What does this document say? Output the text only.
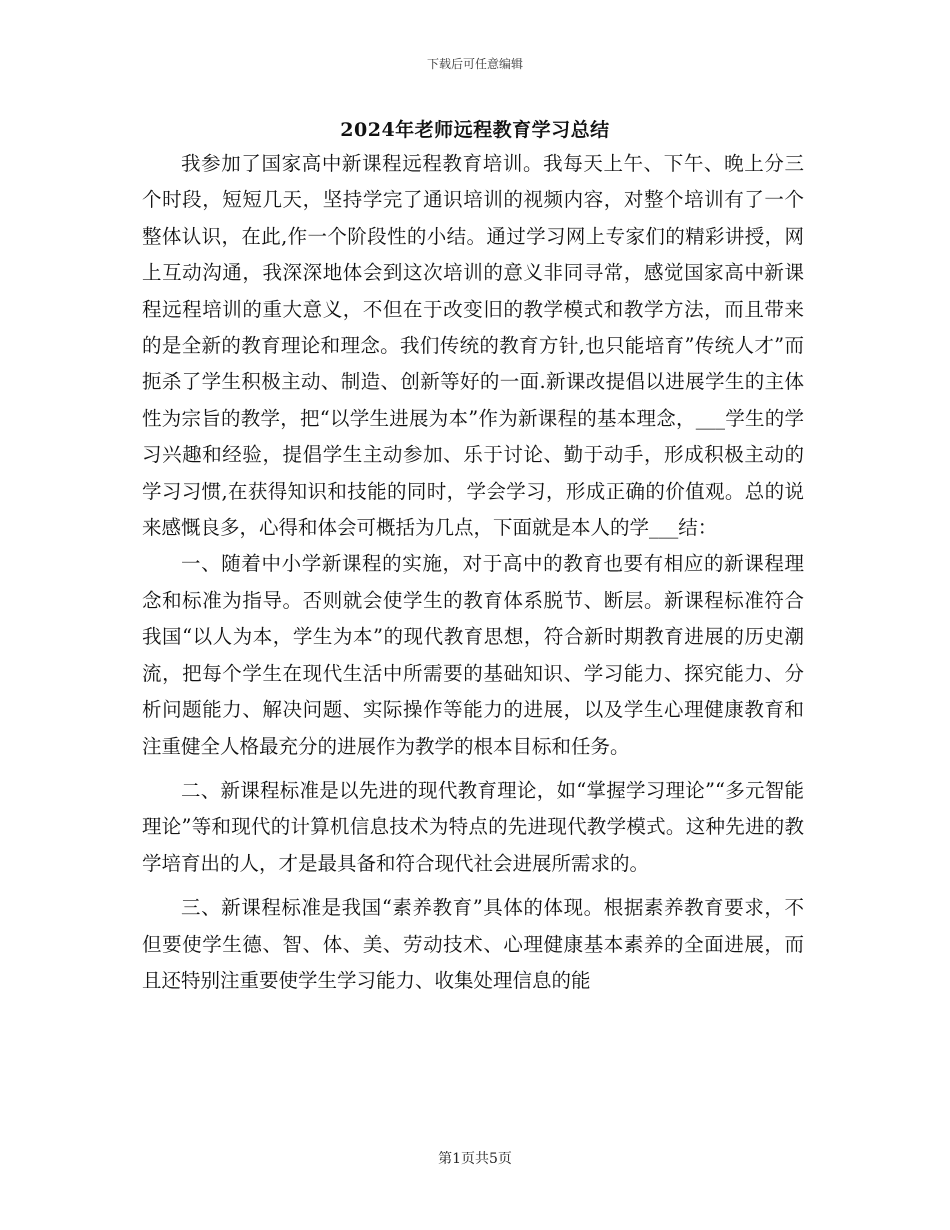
下载后可任意编辑
2024年老师远程教育学习总结

我参加了国家高中新课程远程教育培训。我每天上午、下午、晚上分三个时段，短短几天，坚持学完了通识培训的视频内容，对整个培训有了一个整体认识，在此,作一个阶段性的小结。通过学习网上专家们的精彩讲授，网上互动沟通，我深深地体会到这次培训的意义非同寻常，感觉国家高中新课程远程培训的重大意义，不但在于改变旧的教学模式和教学方法，而且带来的是全新的教育理论和理念。我们传统的教育方针,也只能培育”传统人才”而扼杀了学生积极主动、制造、创新等好的一面.新课改提倡以进展学生的主体性为宗旨的教学，把“以学生进展为本”作为新课程的基本理念，___学生的学习兴趣和经验，提倡学生主动参加、乐于讨论、勤于动手，形成积极主动的学习习惯,在获得知识和技能的同时，学会学习，形成正确的价值观。总的说来感慨良多，心得和体会可概括为几点，下面就是本人的学___结：

一、随着中小学新课程的实施，对于高中的教育也要有相应的新课程理念和标准为指导。否则就会使学生的教育体系脱节、断层。新课程标准符合我国“以人为本，学生为本”的现代教育思想，符合新时期教育进展的历史潮流，把每个学生在现代生活中所需要的基础知识、学习能力、探究能力、分析问题能力、解决问题、实际操作等能力的进展，以及学生心理健康教育和注重健全人格最充分的进展作为教学的根本目标和任务。

二、新课程标准是以先进的现代教育理论，如“掌握学习理论”“多元智能理论”等和现代的计算机信息技术为特点的先进现代教学模式。这种先进的教学培育出的人，才是最具备和符合现代社会进展所需求的。

三、新课程标准是我国“素养教育”具体的体现。根据素养教育要求，不但要使学生德、智、体、美、劳动技术、心理健康基本素养的全面进展，而且还特别注重要使学生学习能力、收集处理信息的能

第1页共5页
